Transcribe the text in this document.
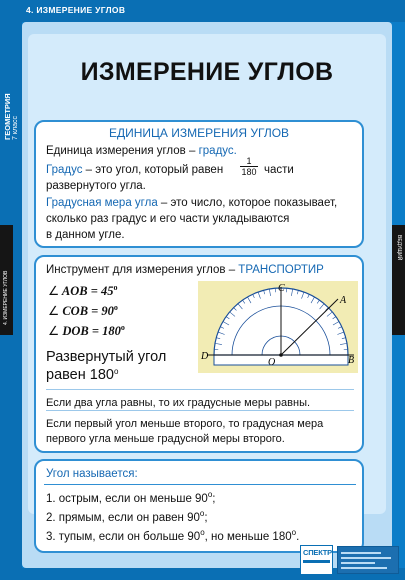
4. ИЗМЕРЕНИЕ УГЛОВ
ГЕОМЕТРИЯ 7 класс
4. ИЗМЕРЕНИЕ УГЛОВ
ВЕДУЩИЙ
ИЗМЕРЕНИЕ УГЛОВ
ЕДИНИЦА ИЗМЕРЕНИЯ УГЛОВ
Единица измерения углов – градус.
Градус – это угол, который равен $\frac{1}{180}$ части
развернутого угла.
Градусная мера угла – это число, которое показывает,
сколько раз градус и его части укладываются
в данном угле.
Инструмент для измерения углов – ТРАНСПОРТИР
∠ AOB = $45^o$
∠ COB = $90^o$
∠ DOB = $180^o$
Развернутый угол
равен 180$^o$
C
A
B
D
O
Если два угла равны, то их градусные меры равны.
Если первый угол меньше второго, то градусная мера
первого угла меньше градусной меры второго.
Угол называется:
1. острым, если он меньше 90$^o$;
2. прямым, если он равен 90$^o$;
3. тупым, если он больше 90$^o$, но меньше 180$^o$.
СПЕКТР
